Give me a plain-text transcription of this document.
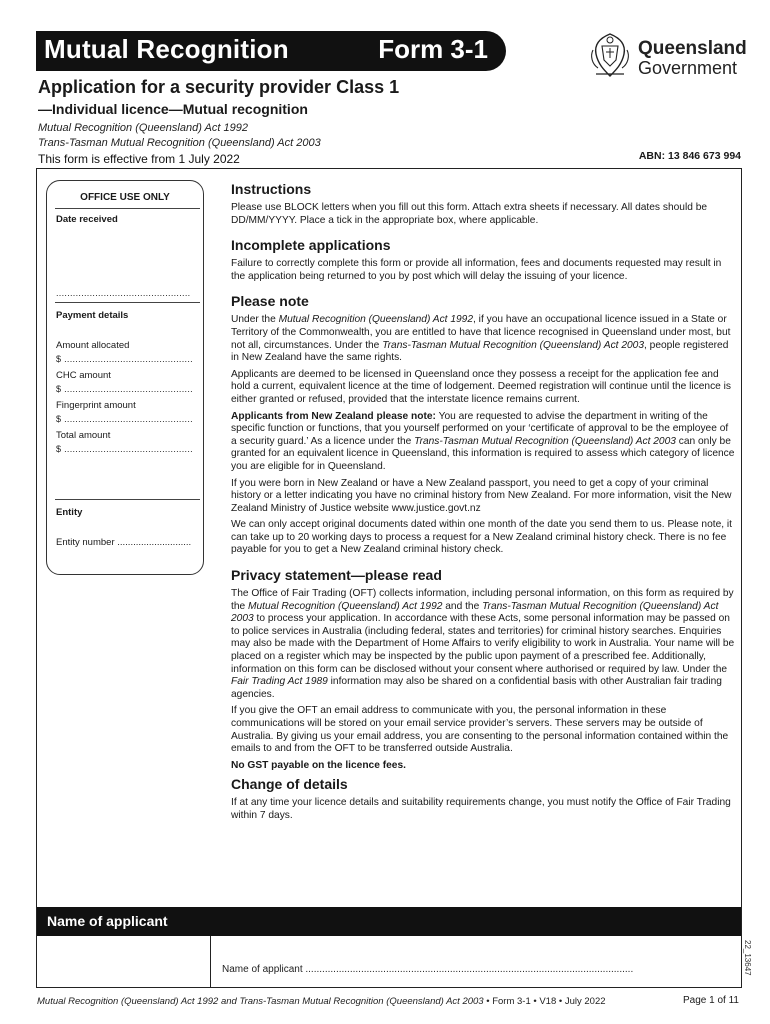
Mutual Recognition	Form 3-1	Queensland
Government
Application for a security provider Class 1
—Individual licence—Mutual recognition
Mutual Recognition (Queensland) Act 1992
Trans-Tasman Mutual Recognition (Queensland) Act 2003
This form is effective from 1 July 2022	ABN: 13 846 673 994
OFFICE USE ONLY
Date received
................................................
Payment details
Amount allocated
$ ..............................................
CHC amount
$ ..............................................
Fingerprint amount
$ ..............................................
Total amount
$ ..............................................
Entity
Entity number ............................
Instructions
Please use BLOCK letters when you fill out this form. Attach extra sheets if necessary. All dates should be DD/MM/YYYY. Place a tick in the appropriate box, where applicable.
Incomplete applications
Failure to correctly complete this form or provide all information, fees and documents requested may result in the application being returned to you by post which will delay the issuing of your licence.
Please note
Under the Mutual Recognition (Queensland) Act 1992, if you have an occupational licence issued in a State or Territory of the Commonwealth, you are entitled to have that licence recognised in Queensland under most, but not all, circumstances. Under the Trans-Tasman Mutual Recognition (Queensland) Act 2003, people registered in New Zealand have the same rights.
Applicants are deemed to be licensed in Queensland once they possess a receipt for the application fee and hold a current, equivalent licence at the time of lodgement. Deemed registration will continue until the licence is either granted or refused, provided that the interstate licence remains current.
Applicants from New Zealand please note: You are requested to advise the department in writing of the specific function or functions, that you yourself performed on your ‘certificate of approval to be the employee of a security guard.’ As a licence under the Trans-Tasman Mutual Recognition (Queensland) Act 2003 can only be granted for an equivalent licence in Queensland, this information is required to assess which category of licence you are eligible for in Queensland.
If you were born in New Zealand or have a New Zealand passport, you need to get a copy of your criminal history or a letter indicating you have no criminal history from New Zealand. For more information, visit the New Zealand Ministry of Justice website www.justice.govt.nz
We can only accept original documents dated within one month of the date you send them to us. Please note, it can take up to 20 working days to process a request for a New Zealand criminal history check. There is no fee payable for you to get a New Zealand criminal history check.
Privacy statement—please read
The Office of Fair Trading (OFT) collects information, including personal information, on this form as required by the Mutual Recognition (Queensland) Act 1992 and the Trans-Tasman Mutual Recognition (Queensland) Act 2003 to process your application. In accordance with these Acts, some personal information may be passed on to police services in Australia (including federal, states and territories) for criminal history searches. Enquiries may also be made with the Department of Home Affairs to verify eligibility to work in Australia. Your name will be placed on a register which may be inspected by the public upon payment of a prescribed fee. Additionally, information on this form can be disclosed without your consent where authorised or required by law. Under the Fair Trading Act 1989 information may also be shared on a confidential basis with other Australian fair trading agencies.
If you give the OFT an email address to communicate with you, the personal information in these communications will be stored on your email service provider’s servers. These servers may be outside of Australia. By giving us your email address, you are consenting to the personal information contained within the emails to and from the OFT to be transferred outside Australia.
No GST payable on the licence fees.
Change of details
If at any time your licence details and suitability requirements change, you must notify the Office of Fair Trading within 7 days.
Name of applicant
Name of applicant ......................................................................................................................	22_13647
Mutual Recognition (Queensland) Act 1992 and Trans-Tasman Mutual Recognition (Queensland) Act 2003 • Form 3-1 • V18 • July 2022	Page 1 of 11
